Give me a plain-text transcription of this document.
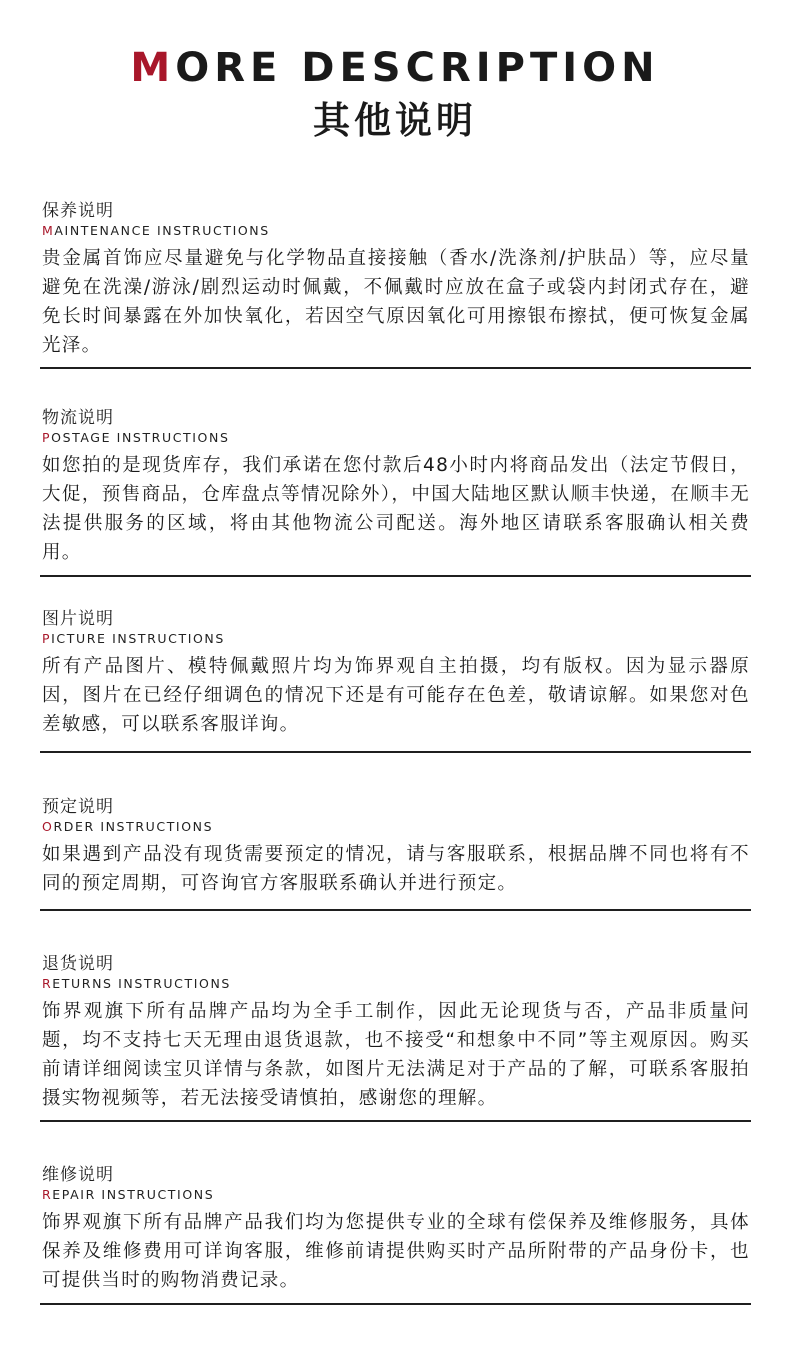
MORE DESCRIPTION
其他说明
保养说明
MAINTENANCE INSTRUCTIONS
贵金属首饰应尽量避免与化学物品直接接触（香水/洗涤剂/护肤品）等，应尽量避免在洗澡/游泳/剧烈运动时佩戴，不佩戴时应放在盒子或袋内封闭式存在，避免长时间暴露在外加快氧化，若因空气原因氧化可用擦银布擦拭，便可恢复金属光泽。
物流说明
POSTAGE INSTRUCTIONS
如您拍的是现货库存，我们承诺在您付款后48小时内将商品发出（法定节假日，大促，预售商品，仓库盘点等情况除外），中国大陆地区默认顺丰快递，在顺丰无法提供服务的区域，将由其他物流公司配送。海外地区请联系客服确认相关费用。
图片说明
PICTURE INSTRUCTIONS
所有产品图片、模特佩戴照片均为饰界观自主拍摄，均有版权。因为显示器原因，图片在已经仔细调色的情况下还是有可能存在色差，敬请谅解。如果您对色差敏感，可以联系客服详询。
预定说明
ORDER INSTRUCTIONS
如果遇到产品没有现货需要预定的情况，请与客服联系，根据品牌不同也将有不同的预定周期，可咨询官方客服联系确认并进行预定。
退货说明
RETURNS INSTRUCTIONS
饰界观旗下所有品牌产品均为全手工制作，因此无论现货与否，产品非质量问题，均不支持七天无理由退货退款，也不接受“和想象中不同”等主观原因。购买前请详细阅读宝贝详情与条款，如图片无法满足对于产品的了解，可联系客服拍摄实物视频等，若无法接受请慎拍，感谢您的理解。
维修说明
REPAIR INSTRUCTIONS
饰界观旗下所有品牌产品我们均为您提供专业的全球有偿保养及维修服务，具体保养及维修费用可详询客服，维修前请提供购买时产品所附带的产品身份卡，也可提供当时的购物消费记录。
